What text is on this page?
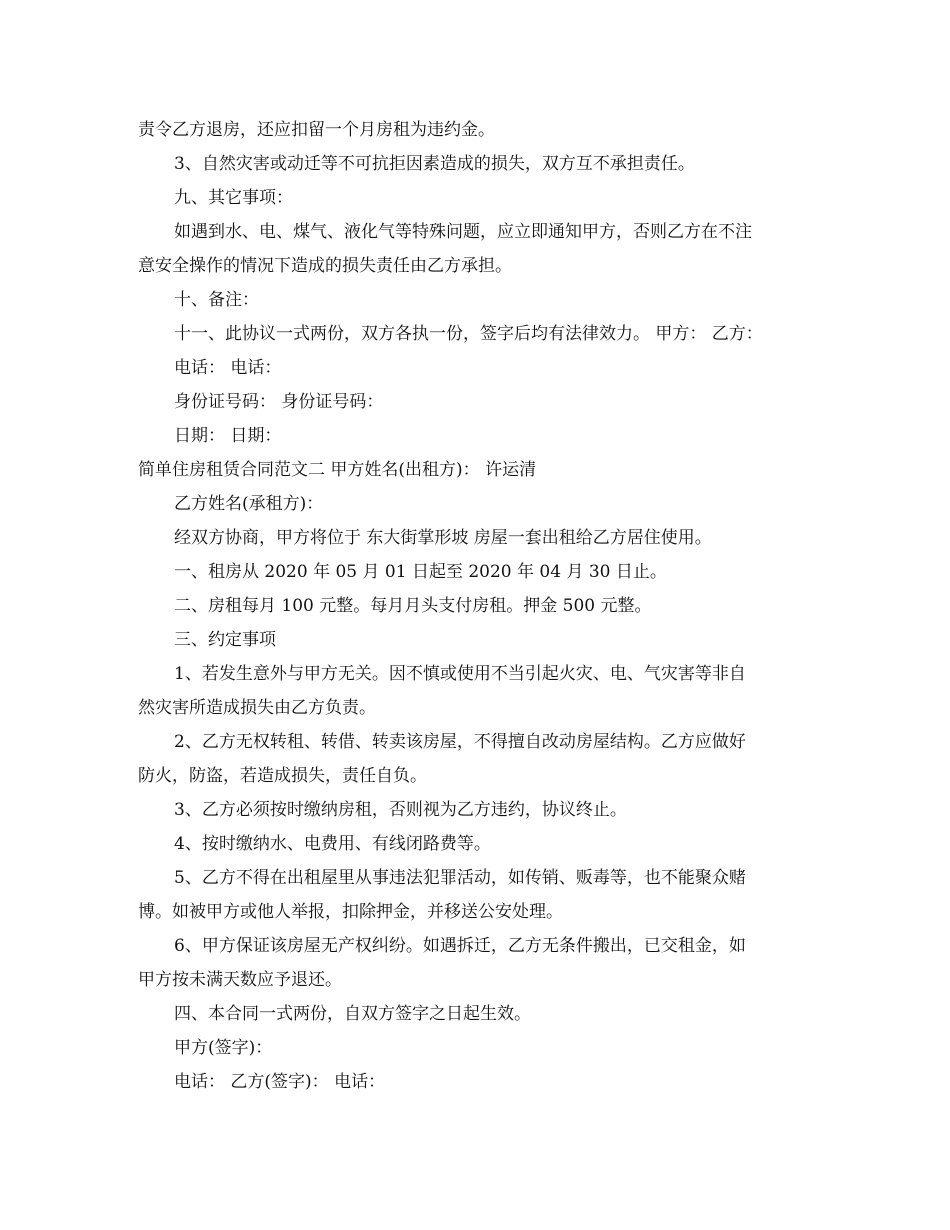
责令乙方退房，还应扣留一个月房租为违约金。
3、自然灾害或动迁等不可抗拒因素造成的损失，双方互不承担责任。
九、其它事项：
如遇到水、电、煤气、液化气等特殊问题，应立即通知甲方，否则乙方在不注
意安全操作的情况下造成的损失责任由乙方承担。
十、备注：
十一、此协议一式两份，双方各执一份，签字后均有法律效力。 甲方： 乙方：
电话： 电话：
身份证号码： 身份证号码：
日期： 日期：
简单住房租赁合同范文二 甲方姓名(出租方)： 许运清
乙方姓名(承租方)：
经双方协商，甲方将位于 东大街掌形坡 房屋一套出租给乙方居住使用。
一、租房从 2020 年 05 月 01 日起至 2020 年 04 月 30 日止。
二、房租每月 100 元整。每月月头支付房租。押金 500 元整。
三、约定事项
1、若发生意外与甲方无关。因不慎或使用不当引起火灾、电、气灾害等非自
然灾害所造成损失由乙方负责。
2、乙方无权转租、转借、转卖该房屋，不得擅自改动房屋结构。乙方应做好
防火，防盗，若造成损失，责任自负。
3、乙方必须按时缴纳房租，否则视为乙方违约，协议终止。
4、按时缴纳水、电费用、有线闭路费等。
5、乙方不得在出租屋里从事违法犯罪活动，如传销、贩毒等，也不能聚众赌
博。如被甲方或他人举报，扣除押金，并移送公安处理。
6、甲方保证该房屋无产权纠纷。如遇拆迁，乙方无条件搬出，已交租金，如
甲方按未满天数应予退还。
四、本合同一式两份，自双方签字之日起生效。
甲方(签字)：
电话： 乙方(签字)： 电话：
